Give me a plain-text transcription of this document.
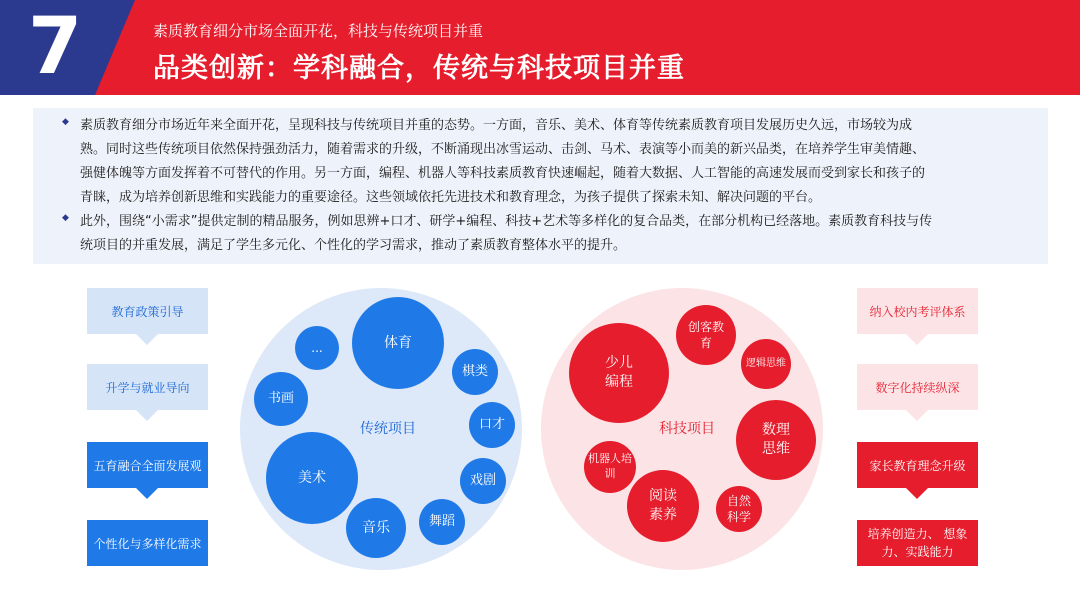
7	素质教育细分市场全面开花，科技与传统项目并重
品类创新：学科融合，传统与科技项目并重
◆ 素质教育细分市场近年来全面开花，呈现科技与传统项目并重的态势。一方面，音乐、美术、体育等传统素质教育项目发展历史久远，市场较为成
熟。同时这些传统项目依然保持强劲活力，随着需求的升级，不断涌现出冰雪运动、击剑、马术、表演等小而美的新兴品类，在培养学生审美情趣、
强健体魄等方面发挥着不可替代的作用。另一方面，编程、机器人等科技素质教育快速崛起，随着大数据、人工智能的高速发展而受到家长和孩子的
青睐，成为培养创新思维和实践能力的重要途径。这些领域依托先进技术和教育理念，为孩子提供了探索未知、解决问题的平台。
◆ 此外，围绕“小需求”提供定制的精品服务，例如思辨+口才、研学+编程、科技+艺术等多样化的复合品类，在部分机构已经落地。素质教育科技与传
统项目的并重发展，满足了学生多元化、个性化的学习需求，推动了素质教育整体水平的提升。
教育政策引导
升学与就业导向
五育融合全面发展观
个性化与多样化需求
纳入校内考评体系
数字化持续纵深
家长教育理念升级
培养创造力、 想象力、实践能力
传统项目
体育
...
棋类
书画
口才
美术	戏剧
舞蹈
音乐
科技项目
创客教育
少儿编程
逻辑思维
数理思维
机器人培训
自然科学
阅读素养
